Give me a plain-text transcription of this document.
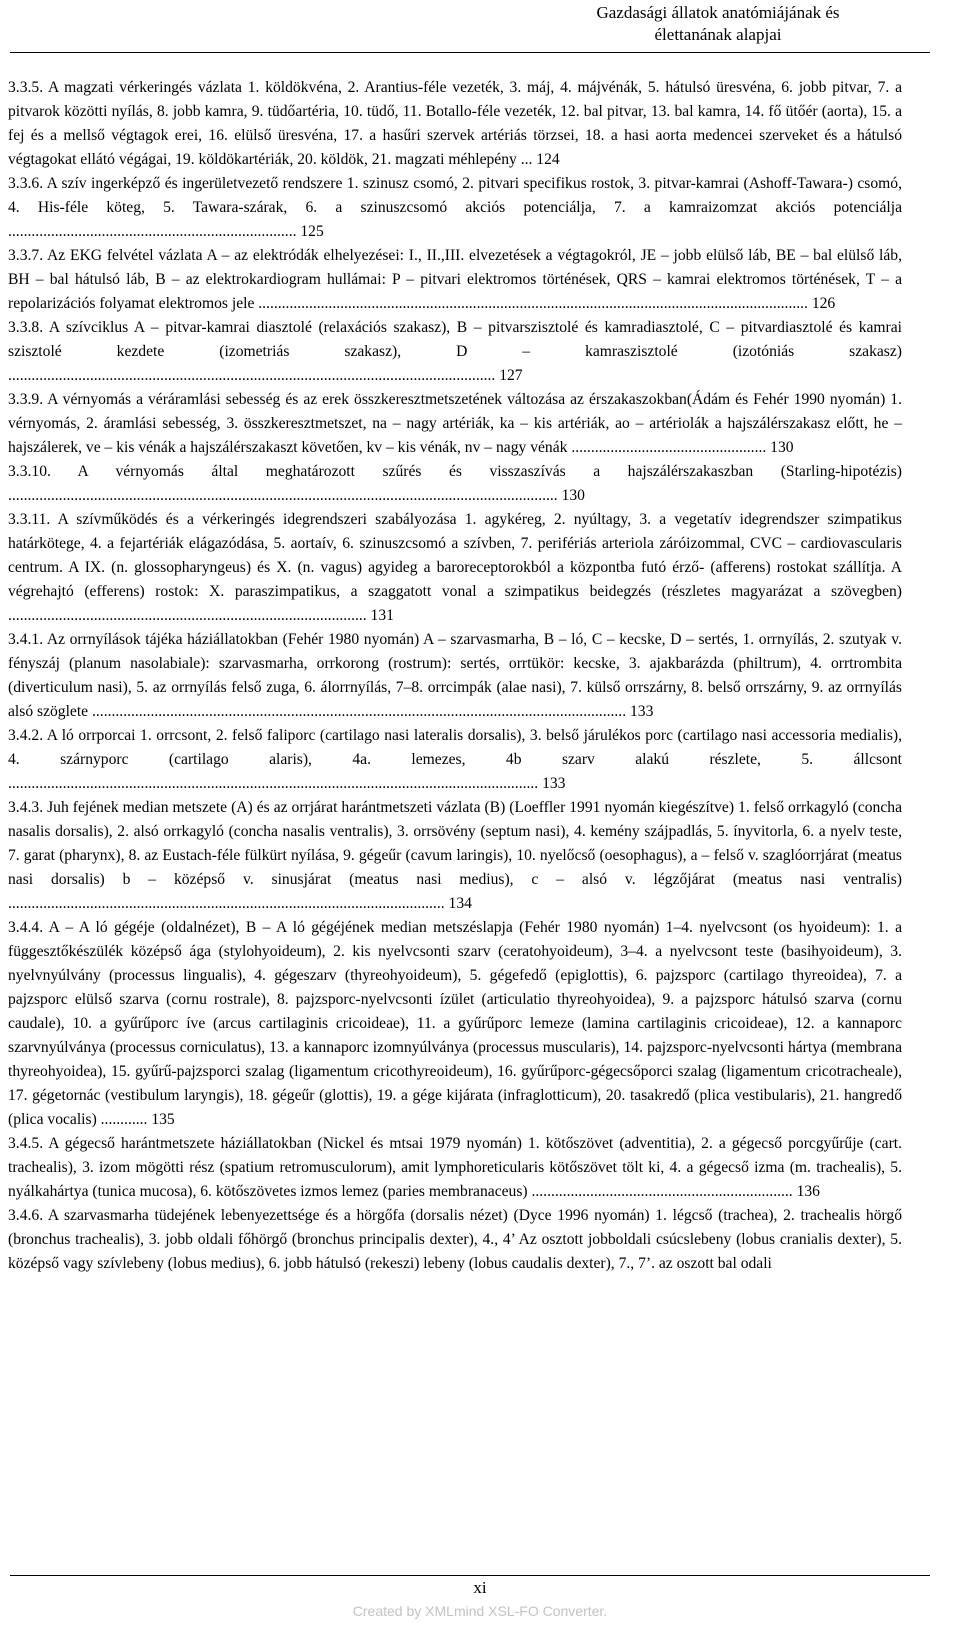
Gazdasági állatok anatómiájának és
élettanának alapjai

3.3.5. A magzati vérkeringés vázlata 1. köldökvéna, 2. Arantius-féle vezeték, 3. máj, 4. májvénák, 5. hátulsó üresvéna, 6. jobb pitvar, 7. a pitvarok közötti nyílás, 8. jobb kamra, 9. tüdőartéria, 10. tüdő, 11. Botallo-féle vezeték, 12. bal pitvar, 13. bal kamra, 14. fő ütőér (aorta), 15. a fej és a mellső végtagok erei, 16. elülső üresvéna, 17. a hasűri szervek artériás törzsei, 18. a hasi aorta medencei szerveket és a hátulsó végtagokat ellátó végágai, 19. köldökartériák, 20. köldök, 21. magzati méhlepény ... 124

3.3.6. A szív ingerképző és ingerületvezető rendszere 1. szinusz csomó, 2. pitvari specifikus rostok, 3. pitvar-kamrai (Ashoff-Tawara-) csomó, 4. His-féle köteg, 5. Tawara-szárak, 6. a szinuszcsomó akciós potenciálja, 7. a kamraizomzat akciós potenciálja .......................................................................... 125

3.3.7. Az EKG felvétel vázlata A – az elektródák elhelyezései: I., II.,III. elvezetések a végtagokról, JE – jobb elülső láb, BE – bal elülső láb, BH – bal hátulsó láb, B – az elektrokardiogram hullámai: P – pitvari elektromos történések, QRS – kamrai elektromos történések, T – a repolarizációs folyamat elektromos jele ............................................................................................................................................. 126

3.3.8. A szívciklus A – pitvar-kamrai diasztolé (relaxációs szakasz), B – pitvarszisztolé és kamradiasztolé, C – pitvardiasztolé és kamrai szisztolé kezdete (izometriás szakasz), D – kamraszisztolé (izotóniás szakasz) ............................................................................................................................. 127

3.3.9. A vérnyomás a véráramlási sebesség és az erek összkeresztmetszetének változása az érszakaszokban(Ádám és Fehér 1990 nyomán) 1. vérnyomás, 2. áramlási sebesség, 3. összkeresztmetszet, na – nagy artériák, ka – kis artériák, ao – artériolák a hajszálérszakasz előtt, he – hajszálerek, ve – kis vénák a hajszálérszakaszt követően, kv – kis vénák, nv – nagy vénák .................................................. 130

3.3.10. A vérnyomás által meghatározott szűrés és visszaszívás a hajszálérszakaszban (Starling-hipotézis) ............................................................................................................................................. 130

3.3.11. A szívműködés és a vérkeringés idegrendszeri szabályozása 1. agykéreg, 2. nyúltagy, 3. a vegetatív idegrendszer szimpatikus határkötege, 4. a fejartériák elágazódása, 5. aortaív, 6. szinuszcsomó a szívben, 7. perifériás arteriola záróizommal, CVC – cardiovascularis centrum. A IX. (n. glossopharyngeus) és X. (n. vagus) agyideg a baroreceptorokból a központba futó érző- (afferens) rostokat szállítja. A végrehajtó (efferens) rostok: X. paraszimpatikus, a szaggatott vonal a szimpatikus beidegzés (részletes magyarázat a szövegben) ............................................................................................ 131

3.4.1. Az orrnyílások tájéka háziállatokban (Fehér 1980 nyomán) A – szarvasmarha, B – ló, C – kecske, D – sertés, 1. orrnyílás, 2. szutyak v. fényszáj (planum nasolabiale): szarvasmarha, orrkorong (rostrum): sertés, orrtükör: kecske, 3. ajakbarázda (philtrum), 4. orrtrombita (diverticulum nasi), 5. az orrnyílás felső zuga, 6. álorrnyílás, 7–8. orrcimpák (alae nasi), 7. külső orrszárny, 8. belső orrszárny, 9. az orrnyílás alsó szöglete ......................................................................................................................................... 133

3.4.2. A ló orrporcai 1. orrcsont, 2. felső faliporc (cartilago nasi lateralis dorsalis), 3. belső járulékos porc (cartilago nasi accessoria medialis), 4. szárnyporc (cartilago alaris), 4a. lemezes, 4b szarv alakú részlete, 5. állcsont ........................................................................................................................................ 133

3.4.3. Juh fejének median metszete (A) és az orrjárat harántmetszeti vázlata (B) (Loeffler 1991 nyomán kiegészítve) 1. felső orrkagyló (concha nasalis dorsalis), 2. alsó orrkagyló (concha nasalis ventralis), 3. orrsövény (septum nasi), 4. kemény szájpadlás, 5. ínyvitorla, 6. a nyelv teste, 7. garat (pharynx), 8. az Eustach-féle fülkürt nyílása, 9. gégeűr (cavum laringis), 10. nyelőcső (oesophagus), a – felső v. szaglóorrjárat (meatus nasi dorsalis) b – középső v. sinusjárat (meatus nasi medius), c – alsó v. légzőjárat (meatus nasi ventralis) ................................................................................................................ 134

3.4.4. A – A ló gégéje (oldalnézet), B – A ló gégéjének median metszéslapja (Fehér 1980 nyomán) 1–4. nyelvcsont (os hyoideum): 1. a függesztőkészülék középső ága (stylohyoideum), 2. kis nyelvcsonti szarv (ceratohyoideum), 3–4. a nyelvcsont teste (basihyoideum), 3. nyelvnyúlvány (processus lingualis), 4. gégeszarv (thyreohyoideum), 5. gégefedő (epiglottis), 6. pajzsporc (cartilago thyreoidea), 7. a pajzsporc elülső szarva (cornu rostrale), 8. pajzsporc-nyelvcsonti ízület (articulatio thyreohyoidea), 9. a pajzsporc hátulsó szarva (cornu caudale), 10. a gyűrűporc íve (arcus cartilaginis cricoideae), 11. a gyűrűporc lemeze (lamina cartilaginis cricoideae), 12. a kannaporc szarvnyúlványa (processus corniculatus), 13. a kannaporc izomnyúlványa (processus muscularis), 14. pajzsporc-nyelvcsonti hártya (membrana thyreohyoidea), 15. gyűrű-pajzsporci szalag (ligamentum cricothyreoideum), 16. gyűrűporc-gégecsőporci szalag (ligamentum cricotracheale), 17. gégetornác (vestibulum laryngis), 18. gégeűr (glottis), 19. a gége kijárata (infraglotticum), 20. tasakredő (plica vestibularis), 21. hangredő (plica vocalis) ............ 135

3.4.5. A gégecső harántmetszete háziállatokban (Nickel és mtsai 1979 nyomán) 1. kötőszövet (adventitia), 2. a gégecső porcgyűrűje (cart. trachealis), 3. izom mögötti rész (spatium retromusculorum), amit lymphoreticularis kötőszövet tölt ki, 4. a gégecső izma (m. trachealis), 5. nyálkahártya (tunica mucosa), 6. kötőszövetes izmos lemez (paries membranaceus) ................................................................... 136

3.4.6. A szarvasmarha tüdejének lebenyezettsége és a hörgőfa (dorsalis nézet) (Dyce 1996 nyomán) 1. légcső (trachea), 2. trachealis hörgő (bronchus trachealis), 3. jobb oldali főhörgő (bronchus principalis dexter), 4., 4’ Az osztott jobboldali csúcslebeny (lobus cranialis dexter), 5. középső vagy szívlebeny (lobus medius), 6. jobb hátulsó (rekeszi) lebeny (lobus caudalis dexter), 7., 7’. az oszott bal odali

xi
Created by XMLmind XSL-FO Converter.
